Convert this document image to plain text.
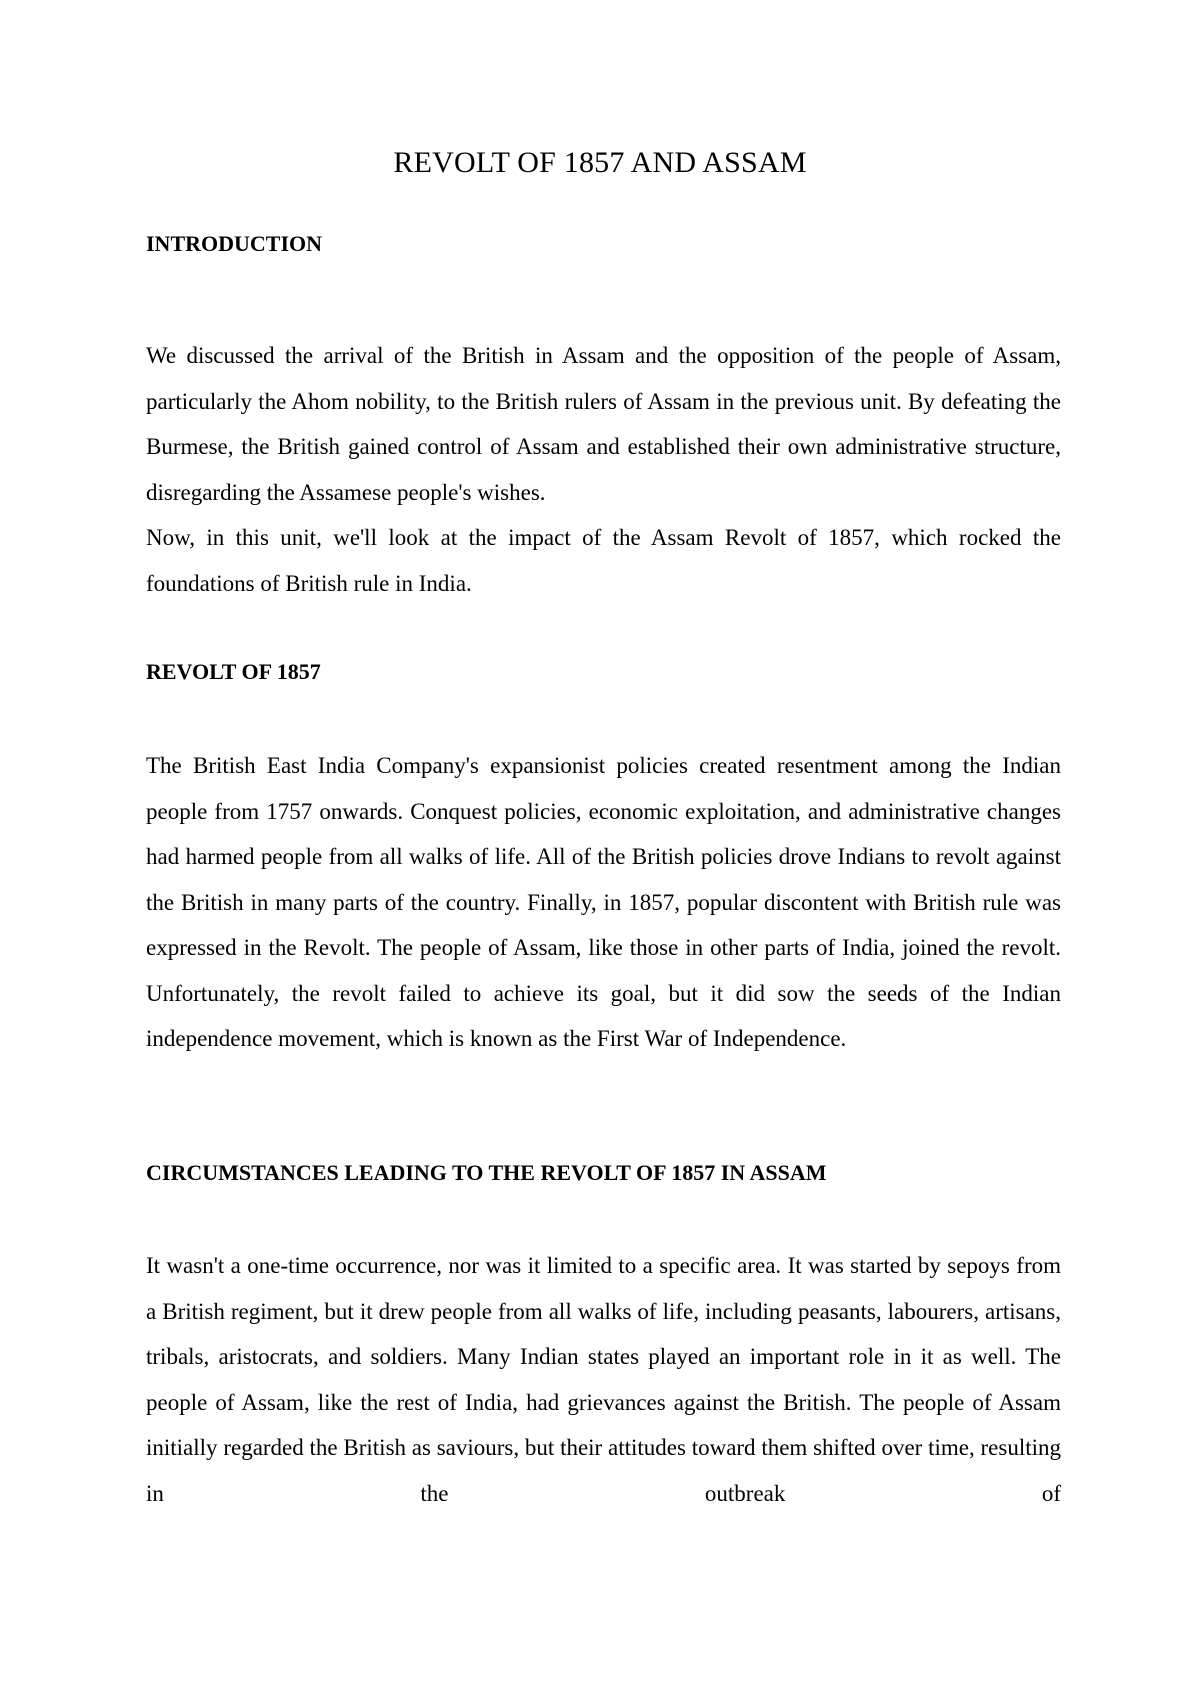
REVOLT OF 1857 AND ASSAM
INTRODUCTION

We discussed the arrival of the British in Assam and the opposition of the people of Assam, particularly the Ahom nobility, to the British rulers of Assam in the previous unit. By defeating the Burmese, the British gained control of Assam and established their own administrative structure, disregarding the Assamese people's wishes.

Now, in this unit, we'll look at the impact of the Assam Revolt of 1857, which rocked the foundations of British rule in India.

REVOLT OF 1857

The British East India Company's expansionist policies created resentment among the Indian people from 1757 onwards. Conquest policies, economic exploitation, and administrative changes had harmed people from all walks of life. All of the British policies drove Indians to revolt against the British in many parts of the country. Finally, in 1857, popular discontent with British rule was expressed in the Revolt. The people of Assam, like those in other parts of India, joined the revolt. Unfortunately, the revolt failed to achieve its goal, but it did sow the seeds of the Indian independence movement, which is known as the First War of Independence.

CIRCUMSTANCES LEADING TO THE REVOLT OF 1857 IN ASSAM

It wasn't a one-time occurrence, nor was it limited to a specific area. It was started by sepoys from a British regiment, but it drew people from all walks of life, including peasants, labourers, artisans, tribals, aristocrats, and soldiers. Many Indian states played an important role in it as well. The people of Assam, like the rest of India, had grievances against the British. The people of Assam initially regarded the British as saviours, but their attitudes toward them shifted over time, resulting in the outbreak of
